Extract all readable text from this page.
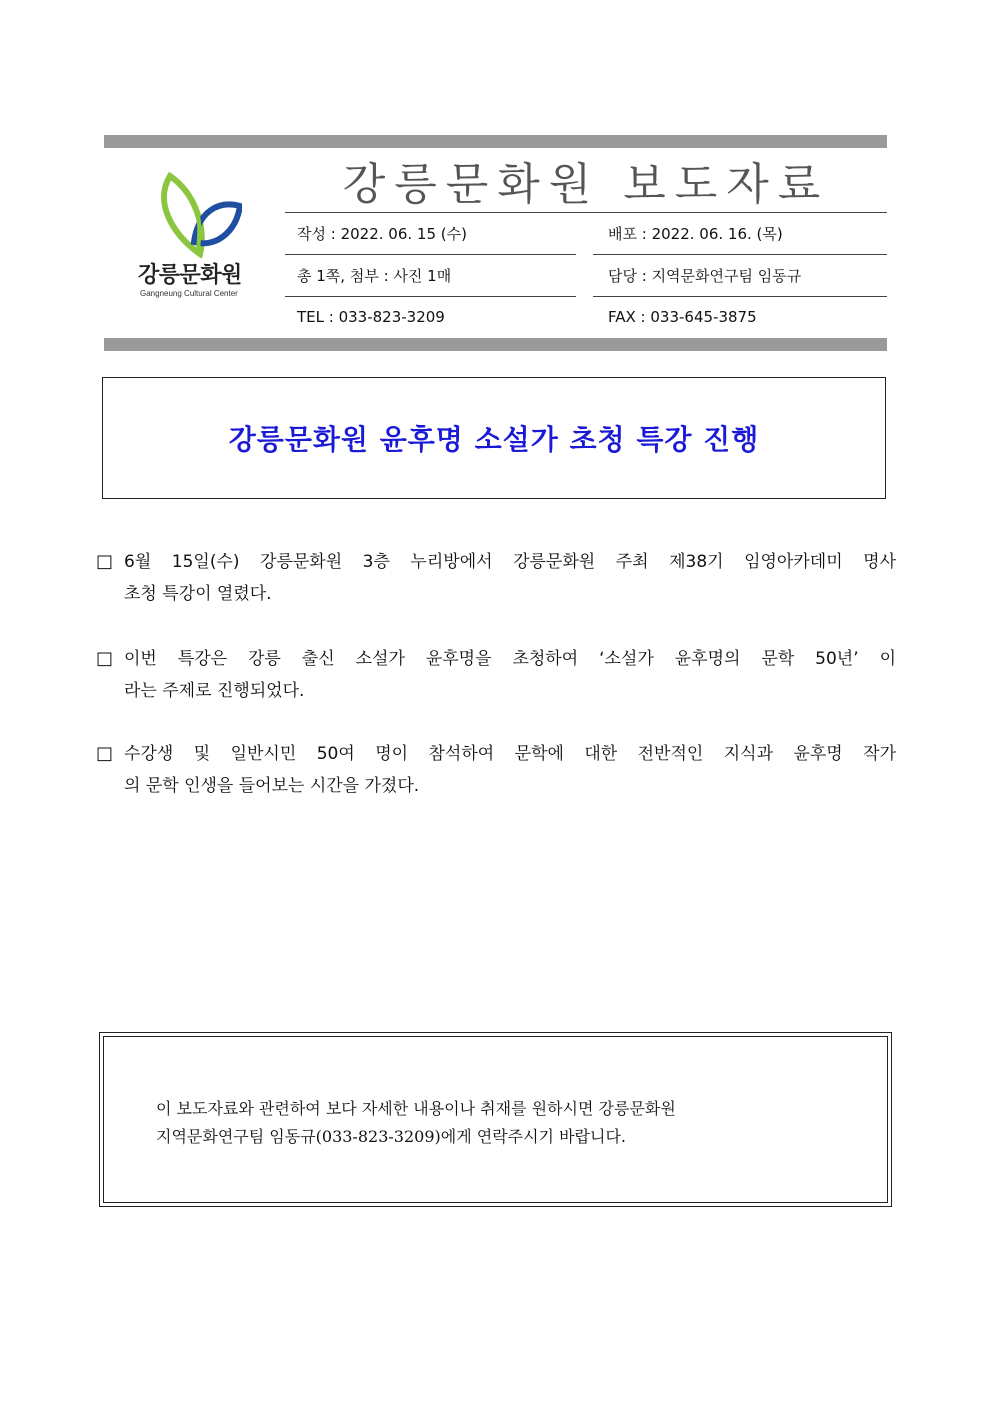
강릉문화원
Gangneung Cultural Center
강릉문화원 보도자료
작성 : 2022. 06. 15 (수)	배포 : 2022. 06. 16. (목)
총 1쪽, 첨부 : 사진 1매	담당 : 지역문화연구팀 임동규
TEL : 033-823-3209	FAX : 033-645-3875
강릉문화원 윤후명 소설가 초청 특강 진행
□ 6월 15일(수) 강릉문화원 3층 누리방에서 강릉문화원 주최 제38기 임영아카데미 명사
초청 특강이 열렸다.
□ 이번 특강은 강릉 출신 소설가 윤후명을 초청하여 ‘소설가 윤후명의 문학 50년’ 이
라는 주제로 진행되었다.
□ 수강생 및 일반시민 50여 명이 참석하여 문학에 대한 전반적인 지식과 윤후명 작가
의 문학 인생을 들어보는 시간을 가졌다.
이 보도자료와 관련하여 보다 자세한 내용이나 취재를 원하시면 강릉문화원
지역문화연구팀 임동규(033-823-3209)에게 연락주시기 바랍니다.
